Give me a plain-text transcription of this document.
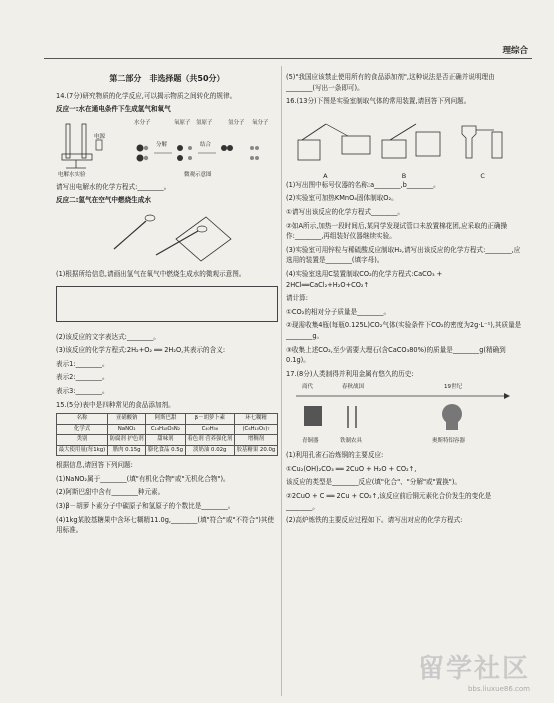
理综合
第二部分　非选择题（共50分）

14.(7分)研究物质的化学反应,可以揭示物质之间转化的规律。

反应一:水在通电条件下生成氢气和氧气

水分子	氧原子 氢原子	氢分子 氧分子
分解	结合
电源
电解水实验	微观示意图

请写出电解水的化学方程式:________。

反应二:氢气在空气中燃烧生成水

(1)根据所给信息,请画出氢气在氧气中燃烧生成水的微观示意图。

(2)该反应的文字表达式:________。

(3)该反应的化学方程式:2H₂+O₂ ══ 2H₂O,其表示的含义:

表示1:________。

表示2:________。

表示3:________。

15.(5分)表中是四种常见的食品添加剂。

名称	亚硝酸钠	阿斯巴甜	β－胡萝卜素	环七糊精
化学式	NaNO₂	C₁₄H₁₈O₅N₂	C₄₀H₅₆	(C₆H₁₀O₅)₇
类别	防腐剂 护色剂	甜味剂	着色剂 营养强化剂	增稠剂
最大使用量(每1kg)	腊肉 0.15g	膨化食品 0.5g	淡奶油 0.02g	胶基糖果 20.0g

根据信息,请回答下列问题:

(1)NaNO₂属于________(填"有机化合物"或"无机化合物")。

(2)阿斯巴甜中含有________种元素。

(3)β－胡萝卜素分子中碳原子和氢原子的个数比是________。

(4)1kg某胶基糖果中含环七糊精11.0g,________(填"符合"或"不符合")其使用标准。

(5)"我国应该禁止使用所有的食品添加剂",这种说法是否正确并说明理由________(写出一条即可)。

16.(13分)下图是实验室制取气体的常用装置,请回答下列问题。

A	B	C

(1)写出图中标号仪器的名称:a________,b________。

(2)实验室可加热KMnO₄固体制取O₂。

①请写出该反应的化学方程式________。

②如A所示,加热一段时间后,某同学发现试管口未放置棉花团,应采取的正确操作:________,再组装好仪器继续实验。

(3)实验室可用锌粒与稀硫酸反应制取H₂,请写出该反应的化学方程式:________,应选用的装置是________(填字母)。

(4)实验室选用C装置制取CO₂的化学方程式:CaCO₃ + 2HCl══CaCl₂+H₂O+CO₂↑

请计算:

①CO₂的相对分子质量是________。

②现需收集4瓶(每瓶0.125L)CO₂气体(实验条件下CO₂的密度为2g·L⁻¹),其质量是________g。

③收集上述CO₂,至少需要大理石(含CaCO₃80%)的质量是________g(精确到0.1g)。

17.(8分)人类制得并利用金属有悠久的历史:

商代	春秋战国	19世纪
青铜器	铁制农具	奥斯特铝容器

(1)利用孔雀石冶炼铜的主要反应:

①Cu₂(OH)₂CO₃ ══ 2CuO + H₂O + CO₂↑,

该反应的类型是________反应(填"化合"、"分解"或"置换")。

②2CuO + C ══ 2Cu + CO₂↑,该反应前后铜元素化合价发生的变化是________。

(2)高炉炼铁的主要反应过程如下。请写出对应的化学方程式:

留学社区
bbs.liuxue86.com
